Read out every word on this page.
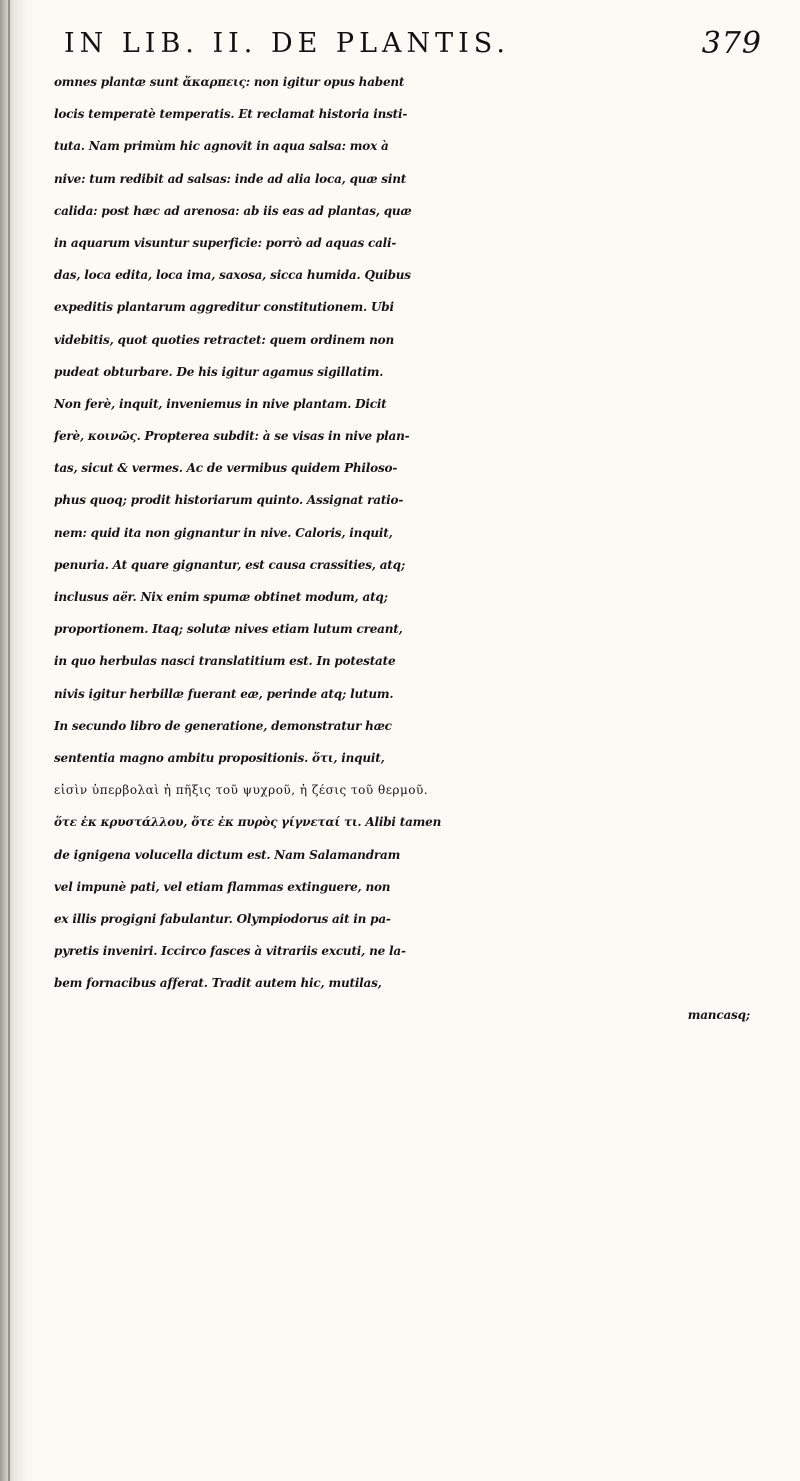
IN LIB. II. DE PLANTIS.	379
omnes plantæ sunt ἄκαρπεις: non igitur opus habent
locis temperatè temperatis. Et reclamat historia insti-
tuta. Nam primùm hic agnovit in aqua salsa: mox à
nive: tum redibit ad salsas: inde ad alia loca, quæ sint
calida: post hæc ad arenosa: ab iis eas ad plantas, quæ
in aquarum visuntur superficie: porrò ad aquas cali-
das, loca edita, loca ima, saxosa, sicca humida. Quibus
expeditis plantarum aggreditur constitutionem. Ubi
videbitis, quot quoties retractet: quem ordinem non
pudeat obturbare. De his igitur agamus sigillatim.
Non ferè, inquit, inveniemus in nive plantam. Dicit
ferè, κοινῶς. Propterea subdit: à se visas in nive plan-
tas, sicut & vermes. Ac de vermibus quidem Philoso-
phus quoq; prodit historiarum quinto. Assignat ratio-
nem: quid ita non gignantur in nive. Caloris, inquit,
penuria. At quare gignantur, est causa crassities, atq;
inclusus aër. Nix enim spumæ obtinet modum, atq;
proportionem. Itaq; solutæ nives etiam lutum creant,
in quo herbulas nasci translatitium est. In potestate
nivis igitur herbillæ fuerant eæ, perinde atq; lutum.
In secundo libro de generatione, demonstratur hæc
sententia magno ambitu propositionis. ὅτι, inquit,
εἰσὶν ὑπερβολαὶ ἡ πῆξις τοῦ ψυχροῦ, ἡ ζέσις τοῦ θερμοῦ.
ὅτε ἐκ κρυστάλλου, ὅτε ἐκ πυρὸς γίγνεταί τι. Alibi tamen
de ignigena volucella dictum est. Nam Salamandram
vel impunè pati, vel etiam flammas extinguere, non
ex illis progigni fabulantur. Olympiodorus ait in pa-
pyretis inveniri. Iccirco fasces à vitrariis excuti, ne la-
bem fornacibus afferat. Tradit autem hic, mutilas,
mancasq;
